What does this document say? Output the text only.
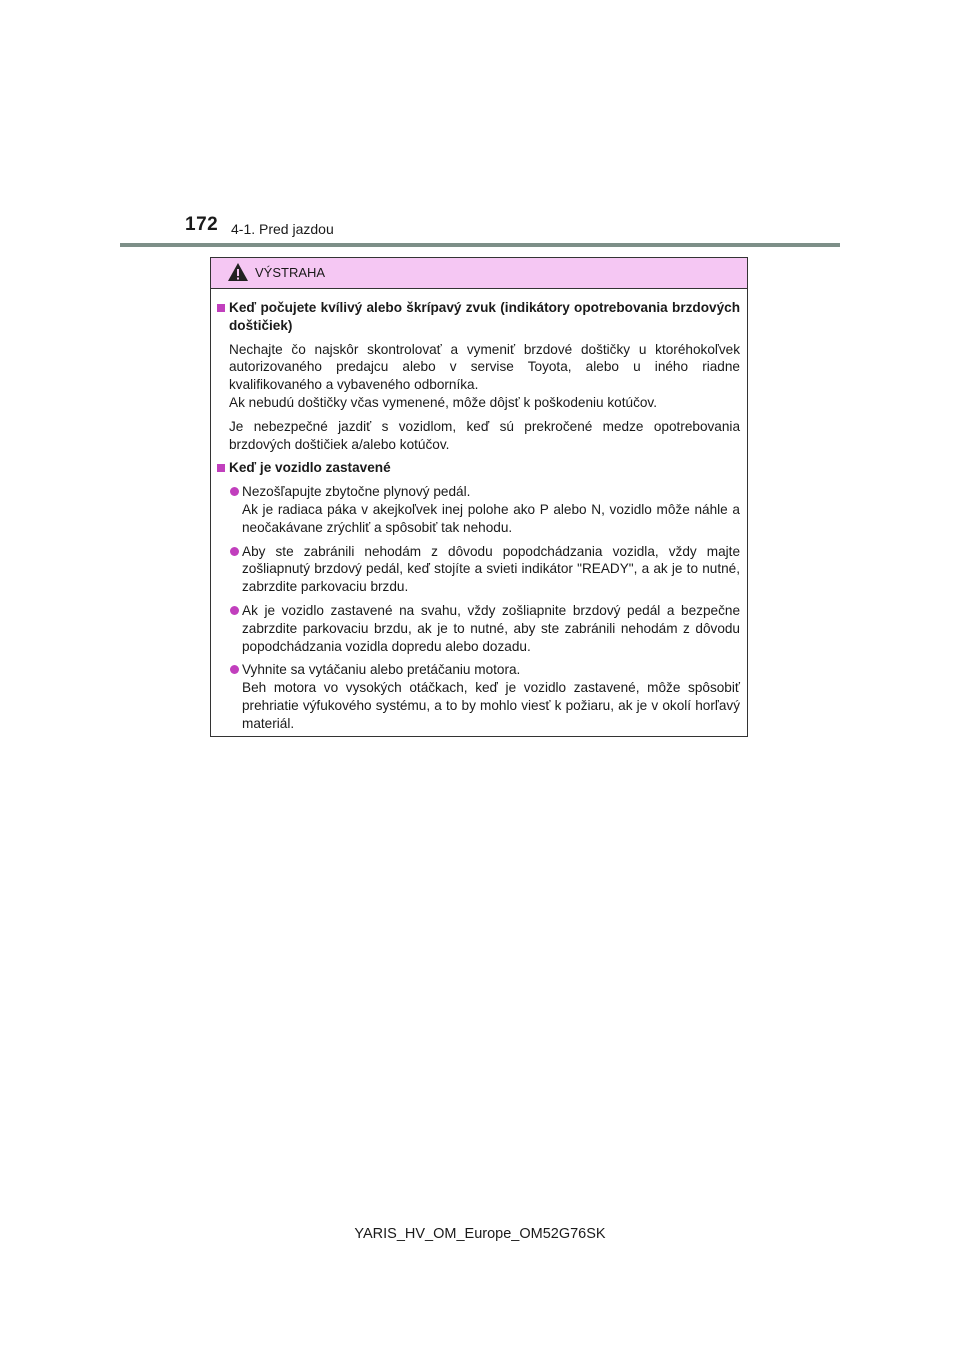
172 4-1. Pred jazdou
VÝSTRAHA
Keď počujete kvílivý alebo škrípavý zvuk (indikátory opotrebovania brzdových doštičiek)
Nechajte čo najskôr skontrolovať a vymeniť brzdové doštičky u ktoréhokoľvek autorizovaného predajcu alebo v servise Toyota, alebo u iného riadne kvalifikovaného a vybaveného odborníka.
Ak nebudú doštičky včas vymenené, môže dôjsť k poškodeniu kotúčov.
Je nebezpečné jazdiť s vozidlom, keď sú prekročené medze opotrebovania brzdových doštičiek a/alebo kotúčov.
Keď je vozidlo zastavené
Nezošľapujte zbytočne plynový pedál.
Ak je radiaca páka v akejkoľvek inej polohe ako P alebo N, vozidlo môže náhle a neočakávane zrýchliť a spôsobiť tak nehodu.
Aby ste zabránili nehodám z dôvodu popodchádzania vozidla, vždy majte zošliapnutý brzdový pedál, keď stojíte a svieti indikátor "READY", a ak je to nutné, zabrzdite parkovaciu brzdu.
Ak je vozidlo zastavené na svahu, vždy zošliapnite brzdový pedál a bezpečne zabrzdite parkovaciu brzdu, ak je to nutné, aby ste zabránili nehodám z dôvodu popodchádzania vozidla dopredu alebo dozadu.
Vyhnite sa vytáčaniu alebo pretáčaniu motora.
Beh motora vo vysokých otáčkach, keď je vozidlo zastavené, môže spôsobiť prehriatie výfukového systému, a to by mohlo viesť k požiaru, ak je v okolí horľavý materiál.
YARIS_HV_OM_Europe_OM52G76SK
